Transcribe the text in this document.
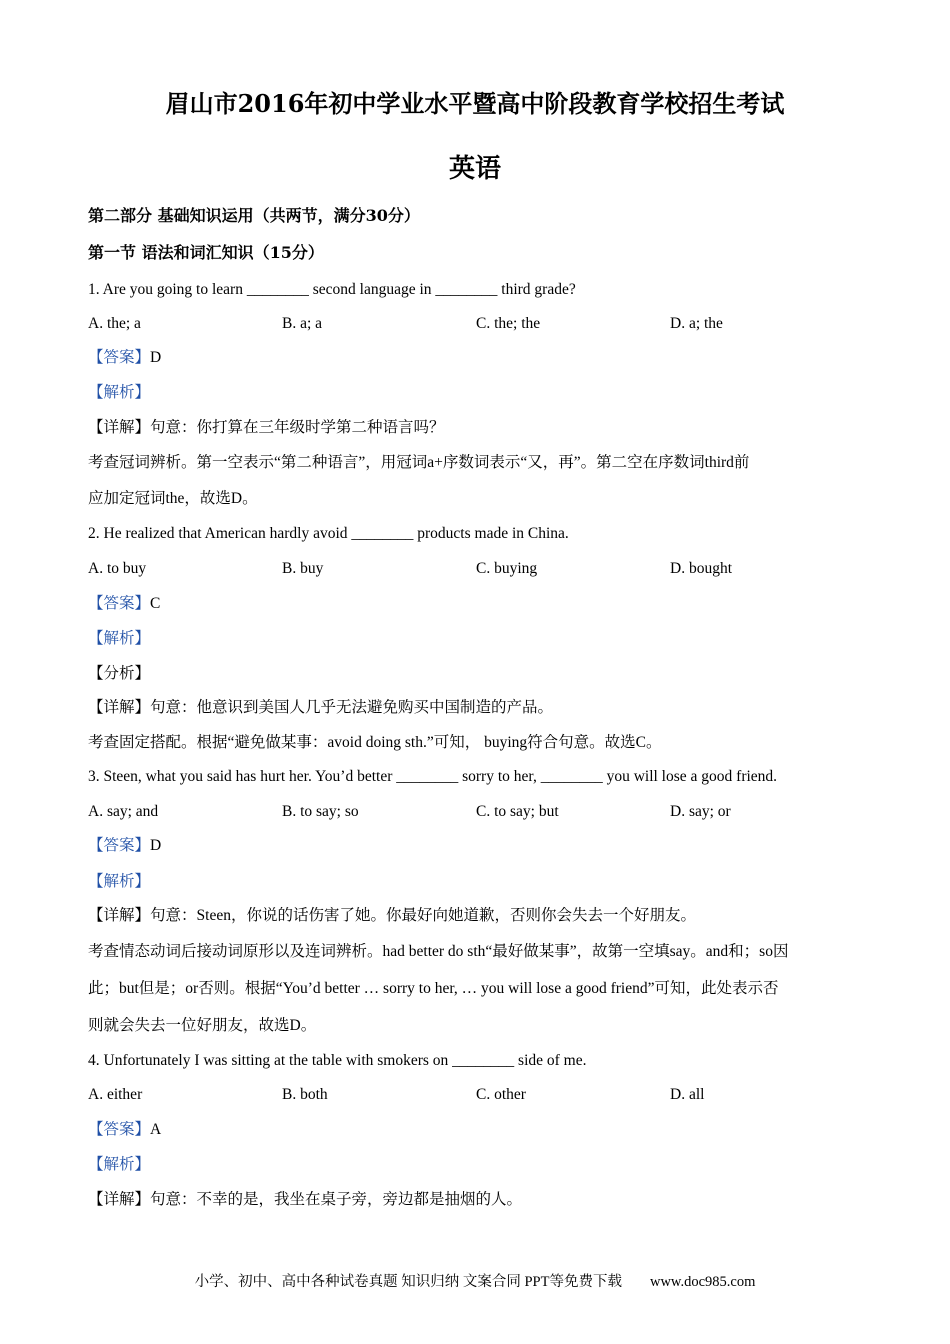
眉山市2016年初中学业水平暨高中阶段教育学校招生考试
英语
第二部分 基础知识运用（共两节，满分30分）
第一节 语法和词汇知识（15分）
1. Are you going to learn ________ second language in ________ third grade?
A. the; a	B. a; a	C. the; the	D. a; the
【答案】D
【解析】
【详解】句意：你打算在三年级时学第二种语言吗？
考查冠词辨析。第一空表示“第二种语言”，用冠词a+序数词表示“又，再”。第二空在序数词third前
应加定冠词the，故选D。
2. He realized that American hardly avoid ________ products made in China.
A. to buy	B. buy	C. buying	D. bought
【答案】C
【解析】
【分析】
【详解】句意：他意识到美国人几乎无法避免购买中国制造的产品。
考查固定搭配。根据“避免做某事：avoid doing sth.”可知， buying符合句意。故选C。
3. Steen, what you said has hurt her. You’d better ________ sorry to her, ________ you will lose a good friend.
A. say; and	B. to say; so	C. to say; but	D. say; or
【答案】D
【解析】
【详解】句意：Steen，你说的话伤害了她。你最好向她道歉，否则你会失去一个好朋友。
考查情态动词后接动词原形以及连词辨析。had better do sth“最好做某事”，故第一空填say。and和；so因
此；but但是；or否则。根据“You’d better … sorry to her, … you will lose a good friend”可知，此处表示否
则就会失去一位好朋友，故选D。
4. Unfortunately I was sitting at the table with smokers on ________ side of me.
A. either	B. both	C. other	D. all
【答案】A
【解析】
【详解】句意：不幸的是，我坐在桌子旁，旁边都是抽烟的人。
小学、初中、高中各种试卷真题 知识归纳 文案合同 PPT等免费下载 www.doc985.com
